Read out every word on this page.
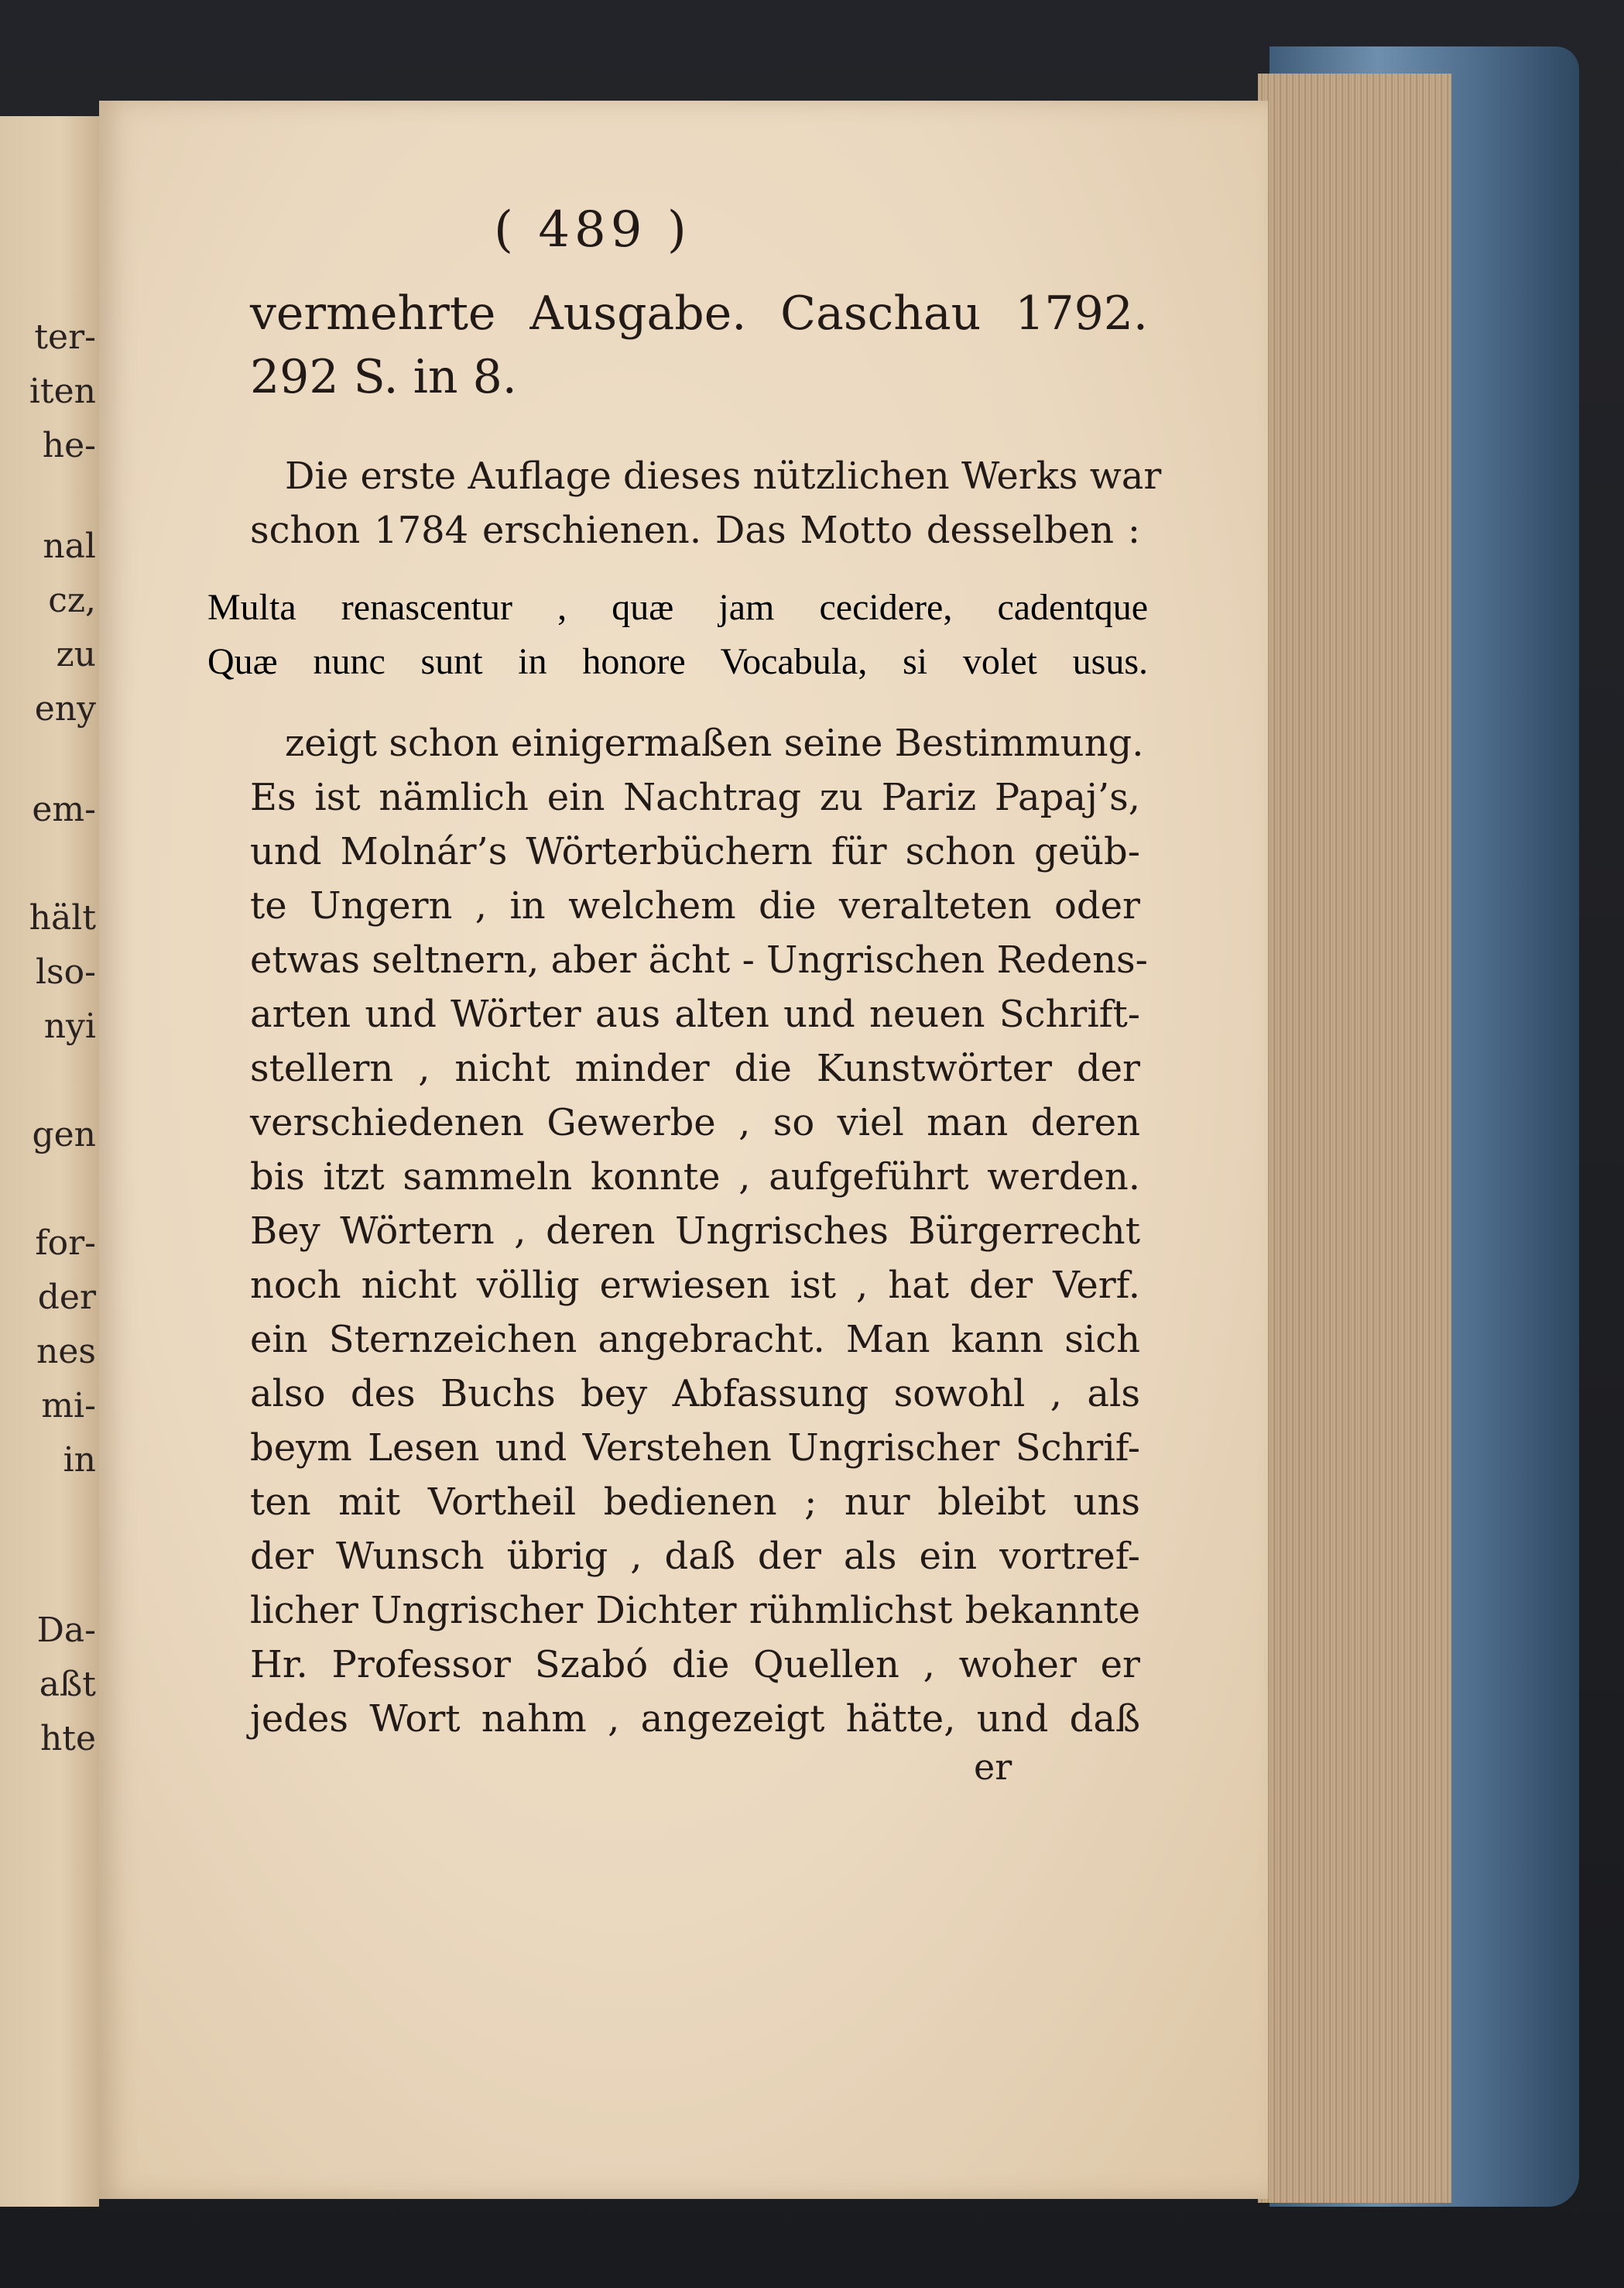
ter-
iten
he-
nal
cz,
zu
eny
em-
hält
lso-
nyi
gen
for-
der
nes
mi-
in
Da-
aßt
hte
( 489 )
vermehrte Ausgabe. Caschau 1792.
292 S. in 8.
Die erste Auflage dieses nützlichen Werks war
schon 1784 erschienen. Das Motto desselben :
Multa renascentur , quæ jam cecidere, cadentque
Quæ nunc sunt in honore Vocabula, si volet usus.
zeigt schon einigermaßen seine Bestimmung.
Es ist nämlich ein Nachtrag zu Pariz Papaj’s,
und Molnár’s Wörterbüchern für schon geüb-
te Ungern , in welchem die veralteten oder
etwas seltnern, aber ächt - Ungrischen Redens-
arten und Wörter aus alten und neuen Schrift-
stellern , nicht minder die Kunstwörter der
verschiedenen Gewerbe , so viel man deren
bis itzt sammeln konnte , aufgeführt werden.
Bey Wörtern , deren Ungrisches Bürgerrecht
noch nicht völlig erwiesen ist , hat der Verf.
ein Sternzeichen angebracht. Man kann sich
also des Buchs bey Abfassung sowohl , als
beym Lesen und Verstehen Ungrischer Schrif-
ten mit Vortheil bedienen ; nur bleibt uns
der Wunsch übrig , daß der als ein vortref-
licher Ungrischer Dichter rühmlichst bekannte
Hr. Professor Szabó die Quellen , woher er
jedes Wort nahm , angezeigt hätte, und daß
er
